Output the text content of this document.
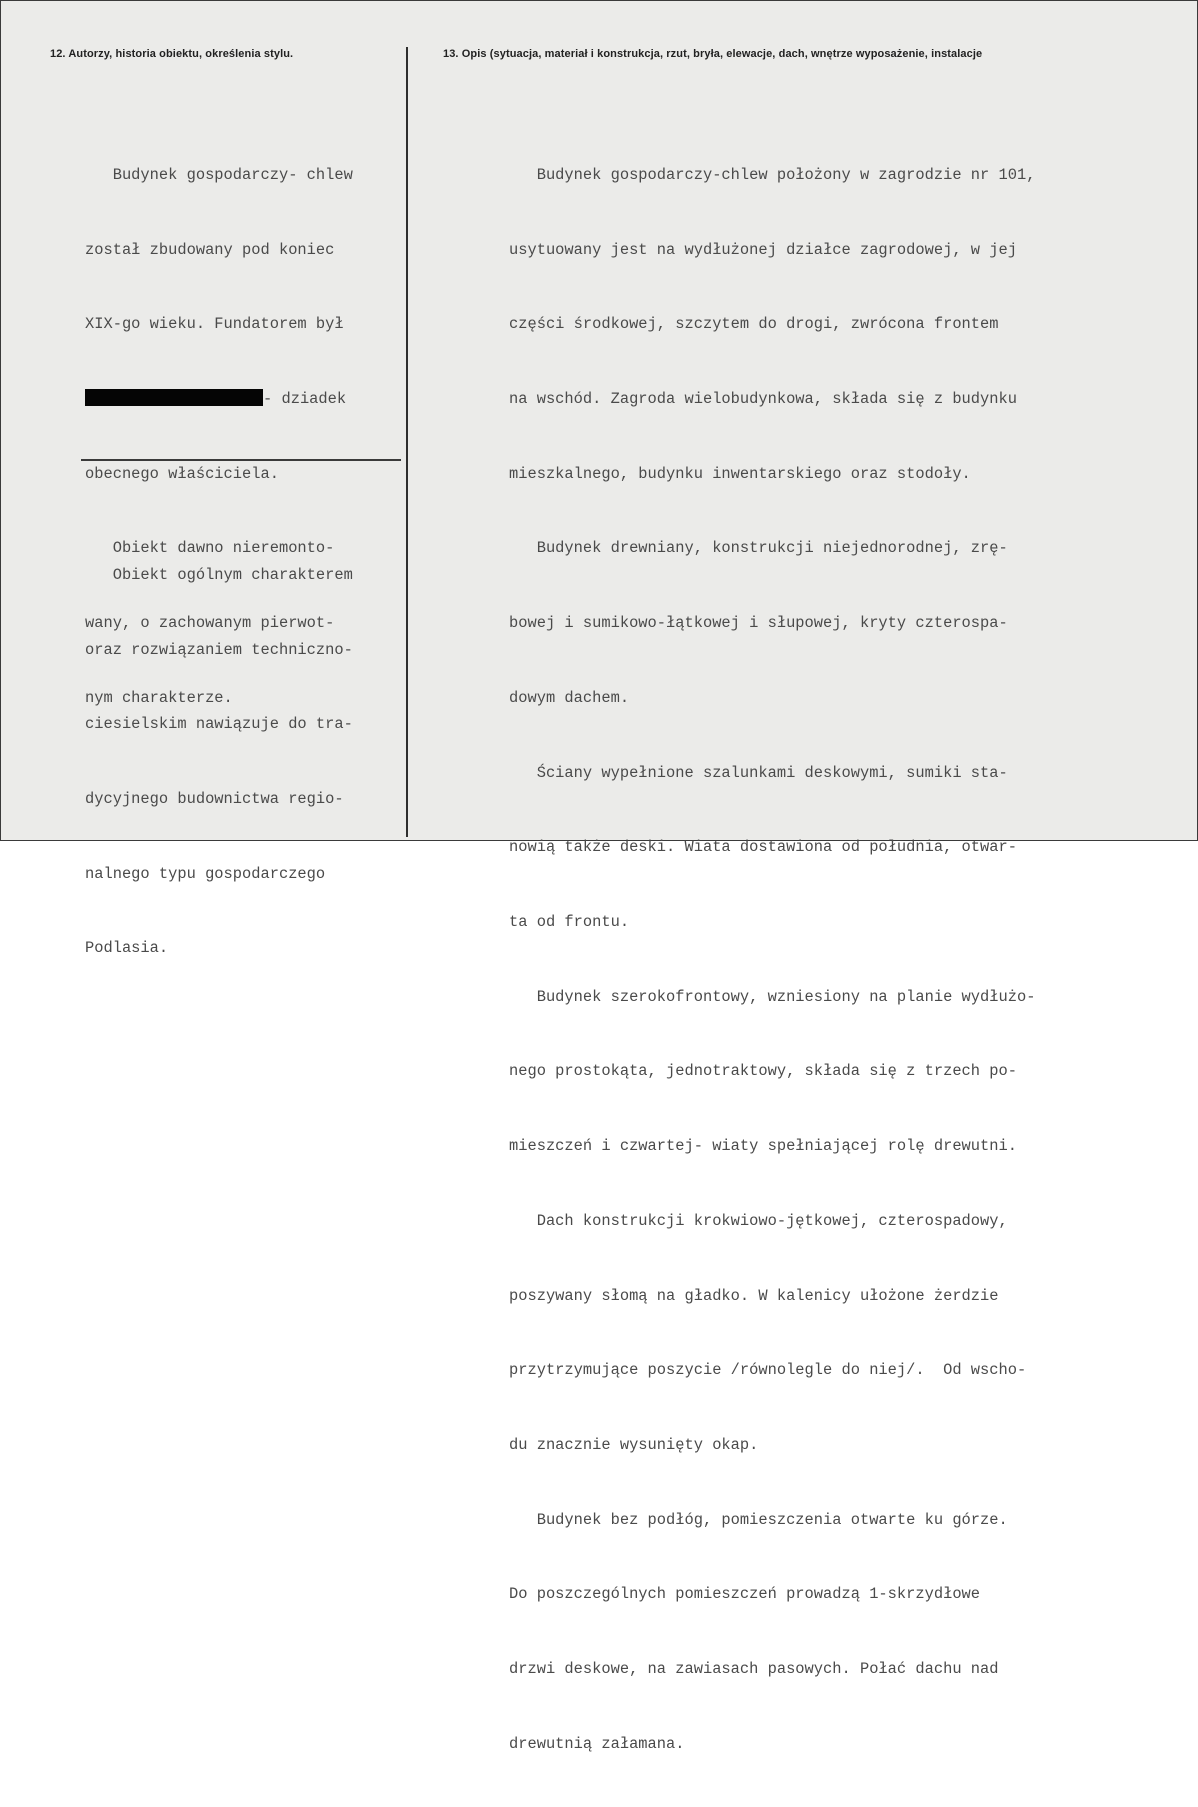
12. Autorzy, historia obiektu, określenia stylu.	13. Opis (sytuacja, materiał i konstrukcja, rzut, bryła, elewacje, dach, wnętrze wyposażenie, instalacje

Budynek gospodarczy- chlew

został zbudowany pod koniec

XIX-go wieku. Fundatorem był

- dziadek

obecnego właściciela.

Obiekt dawno nieremonto-

wany, o zachowanym pierwot-

nym charakterze.

Obiekt ogólnym charakterem

oraz rozwiązaniem techniczno-

ciesielskim nawiązuje do tra-

dycyjnego budownictwa regio-

nalnego typu gospodarczego

Podlasia.

Budynek gospodarczy-chlew położony w zagrodzie nr 101,

usytuowany jest na wydłużonej działce zagrodowej, w jej

części środkowej, szczytem do drogi, zwrócona frontem

na wschód. Zagroda wielobudynkowa, składa się z budynku

mieszkalnego, budynku inwentarskiego oraz stodoły.

Budynek drewniany, konstrukcji niejednorodnej, zrę-

bowej i sumikowo-łątkowej i słupowej, kryty czterospa-

dowym dachem.

Ściany wypełnione szalunkami deskowymi, sumiki sta-

nowią także deski. Wiata dostawiona od południa, otwar-

ta od frontu.

Budynek szerokofrontowy, wzniesiony na planie wydłużo-

nego prostokąta, jednotraktowy, składa się z trzech po-

mieszczeń i czwartej- wiaty spełniającej rolę drewutni.

Dach konstrukcji krokwiowo-jętkowej, czterospadowy,

poszywany słomą na gładko. W kalenicy ułożone żerdzie

przytrzymujące poszycie /równolegle do niej/.  Od wscho-

du znacznie wysunięty okap.

Budynek bez podłóg, pomieszczenia otwarte ku górze.

Do poszczególnych pomieszczeń prowadzą 1-skrzydłowe

drzwi deskowe, na zawiasach pasowych. Połać dachu nad

drewutnią załamana.
